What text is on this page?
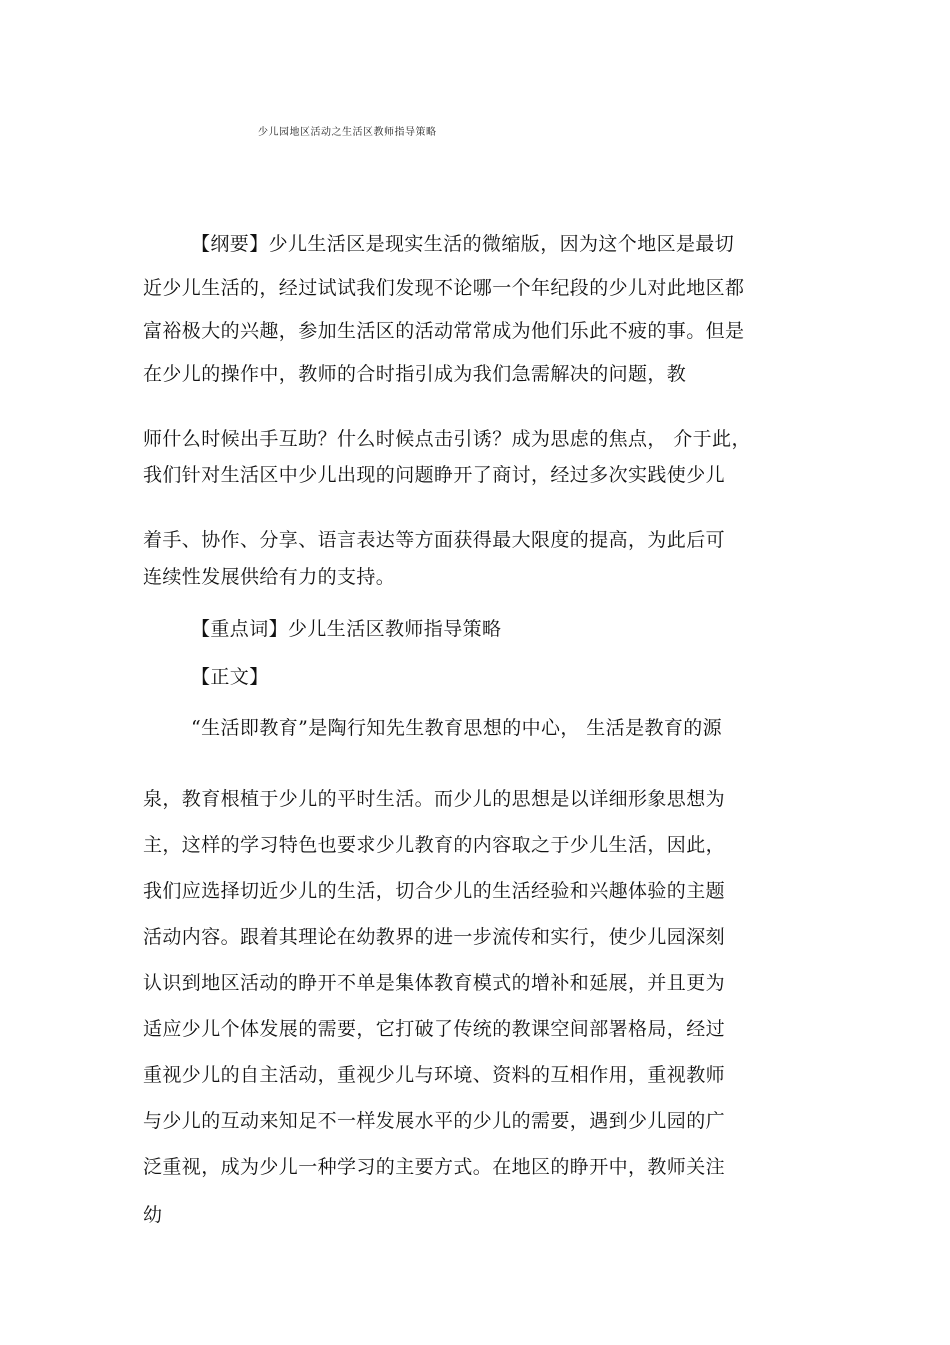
少儿园地区活动之生活区教师指导策略
【纲要】少儿生活区是现实生活的微缩版，因为这个地区是最切
近少儿生活的，经过试试我们发现不论哪一个年纪段的少儿对此地区都
富裕极大的兴趣，参加生活区的活动常常成为他们乐此不疲的事。但是
在少儿的操作中，教师的合时指引成为我们急需解决的问题，教
师什么时候出手互助？什么时候点击引诱？成为思虑的焦点， 介于此，
我们针对生活区中少儿出现的问题睁开了商讨，经过多次实践使少儿
着手、协作、分享、语言表达等方面获得最大限度的提高，为此后可
连续性发展供给有力的支持。
【重点词】少儿生活区教师指导策略
【正文】
“生活即教育”是陶行知先生教育思想的中心， 生活是教育的源
泉，教育根植于少儿的平时生活。而少儿的思想是以详细形象思想为
主，这样的学习特色也要求少儿教育的内容取之于少儿生活，因此，
我们应选择切近少儿的生活，切合少儿的生活经验和兴趣体验的主题
活动内容。跟着其理论在幼教界的进一步流传和实行，使少儿园深刻
认识到地区活动的睁开不单是集体教育模式的增补和延展，并且更为
适应少儿个体发展的需要，它打破了传统的教课空间部署格局，经过
重视少儿的自主活动，重视少儿与环境、资料的互相作用，重视教师
与少儿的互动来知足不一样发展水平的少儿的需要，遇到少儿园的广
泛重视，成为少儿一种学习的主要方式。在地区的睁开中，教师关注
幼
